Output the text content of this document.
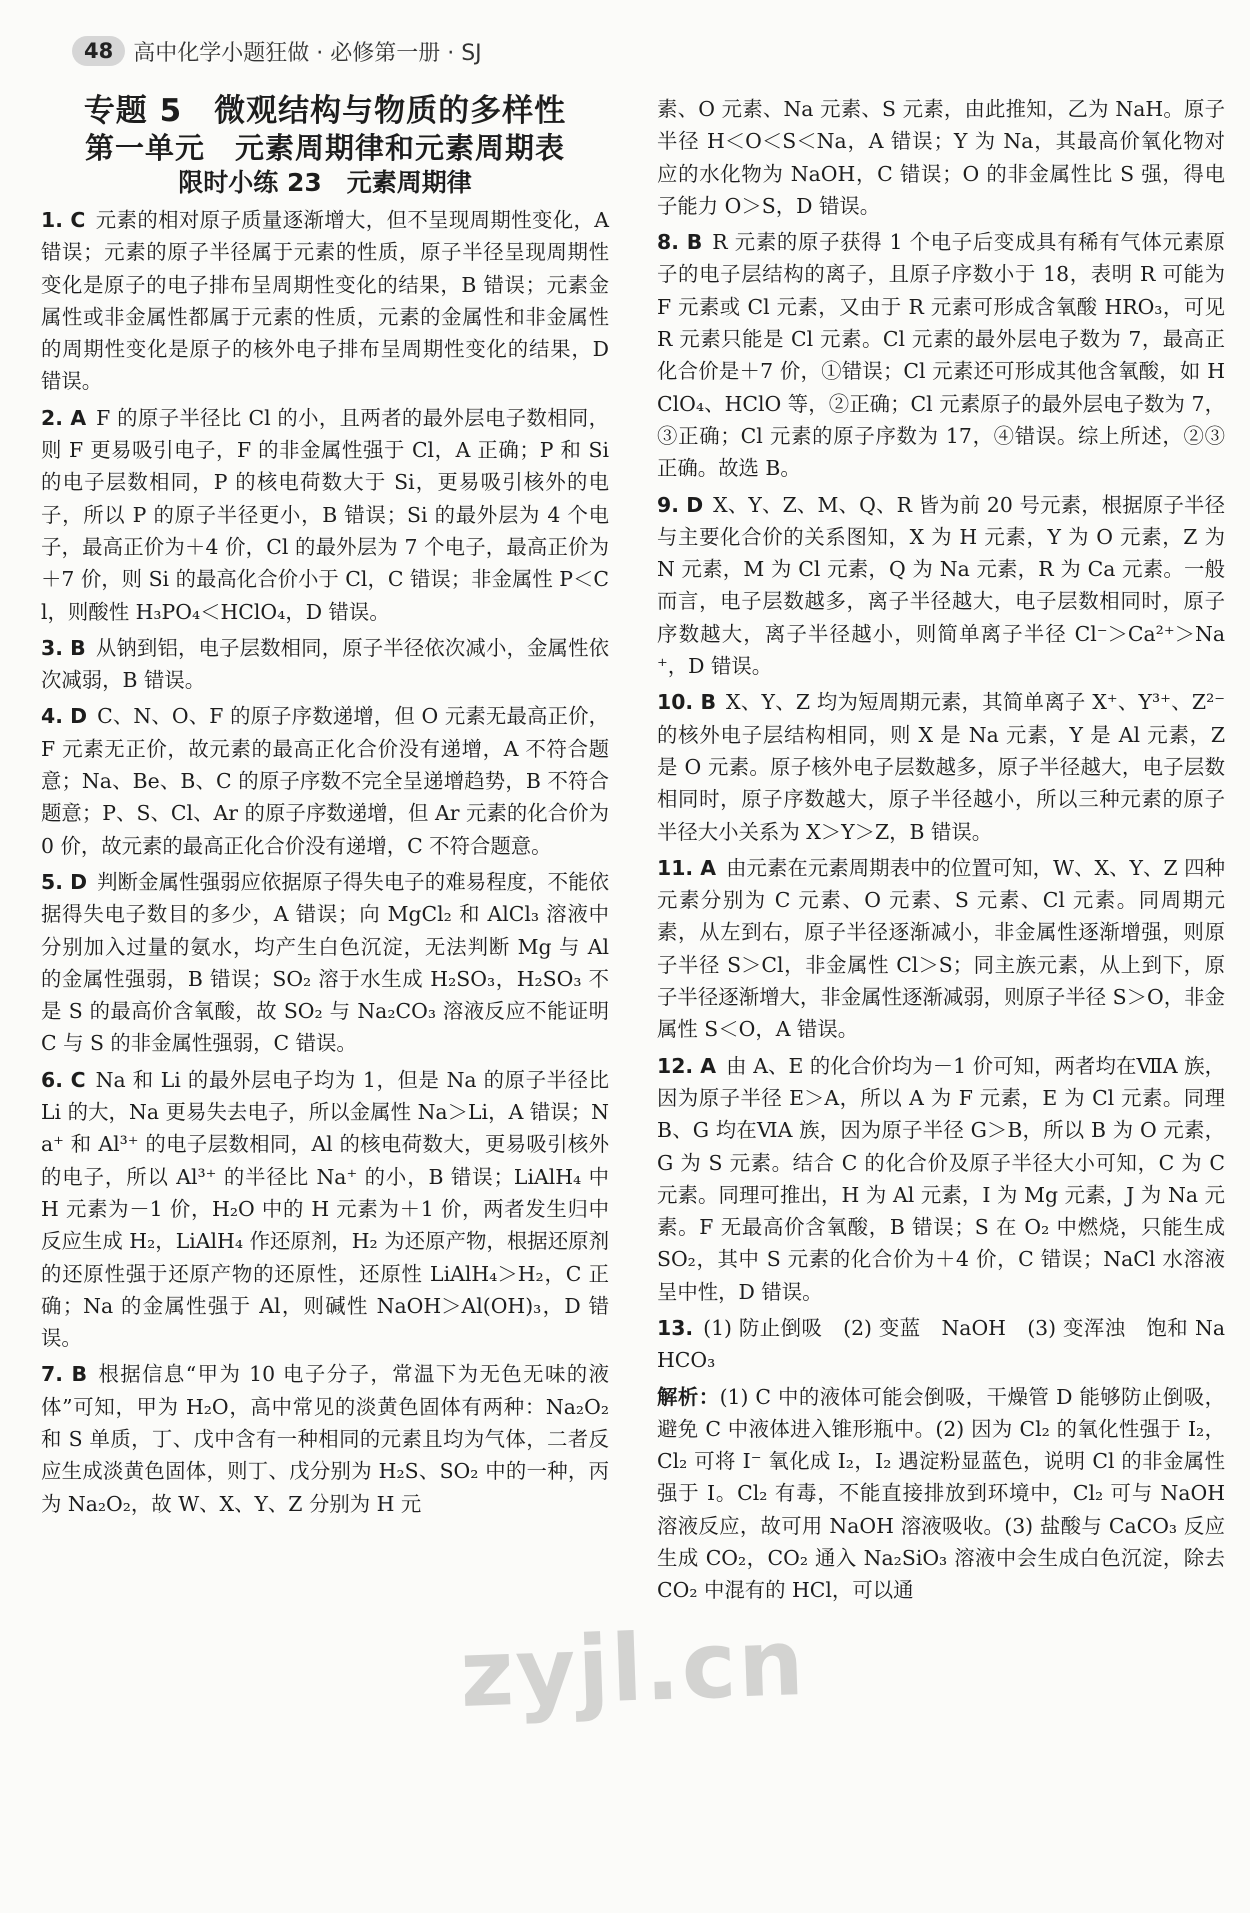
48 高中化学小题狂做 · 必修第一册 · SJ
专题 5　微观结构与物质的多样性
第一单元　元素周期律和元素周期表
限时小练 23　元素周期律

1. C 元素的相对原子质量逐渐增大，但不呈现周期性变化，A 错误；元素的原子半径属于元素的性质，原子半径呈现周期性变化是原子的电子排布呈周期性变化的结果，B 错误；元素金属性或非金属性都属于元素的性质，元素的金属性和非金属性的周期性变化是原子的核外电子排布呈周期性变化的结果，D 错误。

2. A F 的原子半径比 Cl 的小，且两者的最外层电子数相同，则 F 更易吸引电子，F 的非金属性强于 Cl，A 正确；P 和 Si 的电子层数相同，P 的核电荷数大于 Si，更易吸引核外的电子，所以 P 的原子半径更小，B 错误；Si 的最外层为 4 个电子，最高正价为＋4 价，Cl 的最外层为 7 个电子，最高正价为＋7 价，则 Si 的最高化合价小于 Cl，C 错误；非金属性 P＜Cl，则酸性 H₃PO₄＜HClO₄，D 错误。

3. B 从钠到铝，电子层数相同，原子半径依次减小，金属性依次减弱，B 错误。

4. D C、N、O、F 的原子序数递增，但 O 元素无最高正价，F 元素无正价，故元素的最高正化合价没有递增，A 不符合题意；Na、Be、B、C 的原子序数不完全呈递增趋势，B 不符合题意；P、S、Cl、Ar 的原子序数递增，但 Ar 元素的化合价为 0 价，故元素的最高正化合价没有递增，C 不符合题意。

5. D 判断金属性强弱应依据原子得失电子的难易程度，不能依据得失电子数目的多少，A 错误；向 MgCl₂ 和 AlCl₃ 溶液中分别加入过量的氨水，均产生白色沉淀，无法判断 Mg 与 Al 的金属性强弱，B 错误；SO₂ 溶于水生成 H₂SO₃，H₂SO₃ 不是 S 的最高价含氧酸，故 SO₂ 与 Na₂CO₃ 溶液反应不能证明 C 与 S 的非金属性强弱，C 错误。

6. C Na 和 Li 的最外层电子均为 1，但是 Na 的原子半径比 Li 的大，Na 更易失去电子，所以金属性 Na＞Li，A 错误；Na⁺ 和 Al³⁺ 的电子层数相同，Al 的核电荷数大，更易吸引核外的电子，所以 Al³⁺ 的半径比 Na⁺ 的小，B 错误；LiAlH₄ 中 H 元素为－1 价，H₂O 中的 H 元素为＋1 价，两者发生归中反应生成 H₂，LiAlH₄ 作还原剂，H₂ 为还原产物，根据还原剂的还原性强于还原产物的还原性，还原性 LiAlH₄＞H₂，C 正确；Na 的金属性强于 Al，则碱性 NaOH＞Al(OH)₃，D 错误。

7. B 根据信息“甲为 10 电子分子，常温下为无色无味的液体”可知，甲为 H₂O，高中常见的淡黄色固体有两种：Na₂O₂ 和 S 单质，丁、戊中含有一种相同的元素且均为气体，二者反应生成淡黄色固体，则丁、戊分别为 H₂S、SO₂ 中的一种，丙为 Na₂O₂，故 W、X、Y、Z 分别为 H 元

素、O 元素、Na 元素、S 元素，由此推知，乙为 NaH。原子半径 H＜O＜S＜Na，A 错误；Y 为 Na，其最高价氧化物对应的水化物为 NaOH，C 错误；O 的非金属性比 S 强，得电子能力 O＞S，D 错误。

8. B R 元素的原子获得 1 个电子后变成具有稀有气体元素原子的电子层结构的离子，且原子序数小于 18，表明 R 可能为 F 元素或 Cl 元素，又由于 R 元素可形成含氧酸 HRO₃，可见 R 元素只能是 Cl 元素。Cl 元素的最外层电子数为 7，最高正化合价是＋7 价，①错误；Cl 元素还可形成其他含氧酸，如 HClO₄、HClO 等，②正确；Cl 元素原子的最外层电子数为 7，③正确；Cl 元素的原子序数为 17，④错误。综上所述，②③正确。故选 B。

9. D X、Y、Z、M、Q、R 皆为前 20 号元素，根据原子半径与主要化合价的关系图知，X 为 H 元素，Y 为 O 元素，Z 为 N 元素，M 为 Cl 元素，Q 为 Na 元素，R 为 Ca 元素。一般而言，电子层数越多，离子半径越大，电子层数相同时，原子序数越大，离子半径越小，则简单离子半径 Cl⁻＞Ca²⁺＞Na⁺，D 错误。

10. B X、Y、Z 均为短周期元素，其简单离子 X⁺、Y³⁺、Z²⁻ 的核外电子层结构相同，则 X 是 Na 元素，Y 是 Al 元素，Z 是 O 元素。原子核外电子层数越多，原子半径越大，电子层数相同时，原子序数越大，原子半径越小，所以三种元素的原子半径大小关系为 X＞Y＞Z，B 错误。

11. A 由元素在元素周期表中的位置可知，W、X、Y、Z 四种元素分别为 C 元素、O 元素、S 元素、Cl 元素。同周期元素，从左到右，原子半径逐渐减小，非金属性逐渐增强，则原子半径 S＞Cl，非金属性 Cl＞S；同主族元素，从上到下，原子半径逐渐增大，非金属性逐渐减弱，则原子半径 S＞O，非金属性 S＜O，A 错误。

12. A 由 A、E 的化合价均为－1 价可知，两者均在ⅦA 族，因为原子半径 E＞A，所以 A 为 F 元素，E 为 Cl 元素。同理 B、G 均在ⅥA 族，因为原子半径 G＞B，所以 B 为 O 元素，G 为 S 元素。结合 C 的化合价及原子半径大小可知，C 为 C 元素。同理可推出，H 为 Al 元素，I 为 Mg 元素，J 为 Na 元素。F 无最高价含氧酸，B 错误；S 在 O₂ 中燃烧，只能生成 SO₂，其中 S 元素的化合价为＋4 价，C 错误；NaCl 水溶液呈中性，D 错误。

13. (1) 防止倒吸　(2) 变蓝　NaOH　(3) 变浑浊　饱和 NaHCO₃

解析：(1) C 中的液体可能会倒吸，干燥管 D 能够防止倒吸，避免 C 中液体进入锥形瓶中。(2) 因为 Cl₂ 的氧化性强于 I₂，Cl₂ 可将 I⁻ 氧化成 I₂，I₂ 遇淀粉显蓝色，说明 Cl 的非金属性强于 I。Cl₂ 有毒，不能直接排放到环境中，Cl₂ 可与 NaOH 溶液反应，故可用 NaOH 溶液吸收。(3) 盐酸与 CaCO₃ 反应生成 CO₂，CO₂ 通入 Na₂SiO₃ 溶液中会生成白色沉淀，除去 CO₂ 中混有的 HCl，可以通

zyjl.cn
